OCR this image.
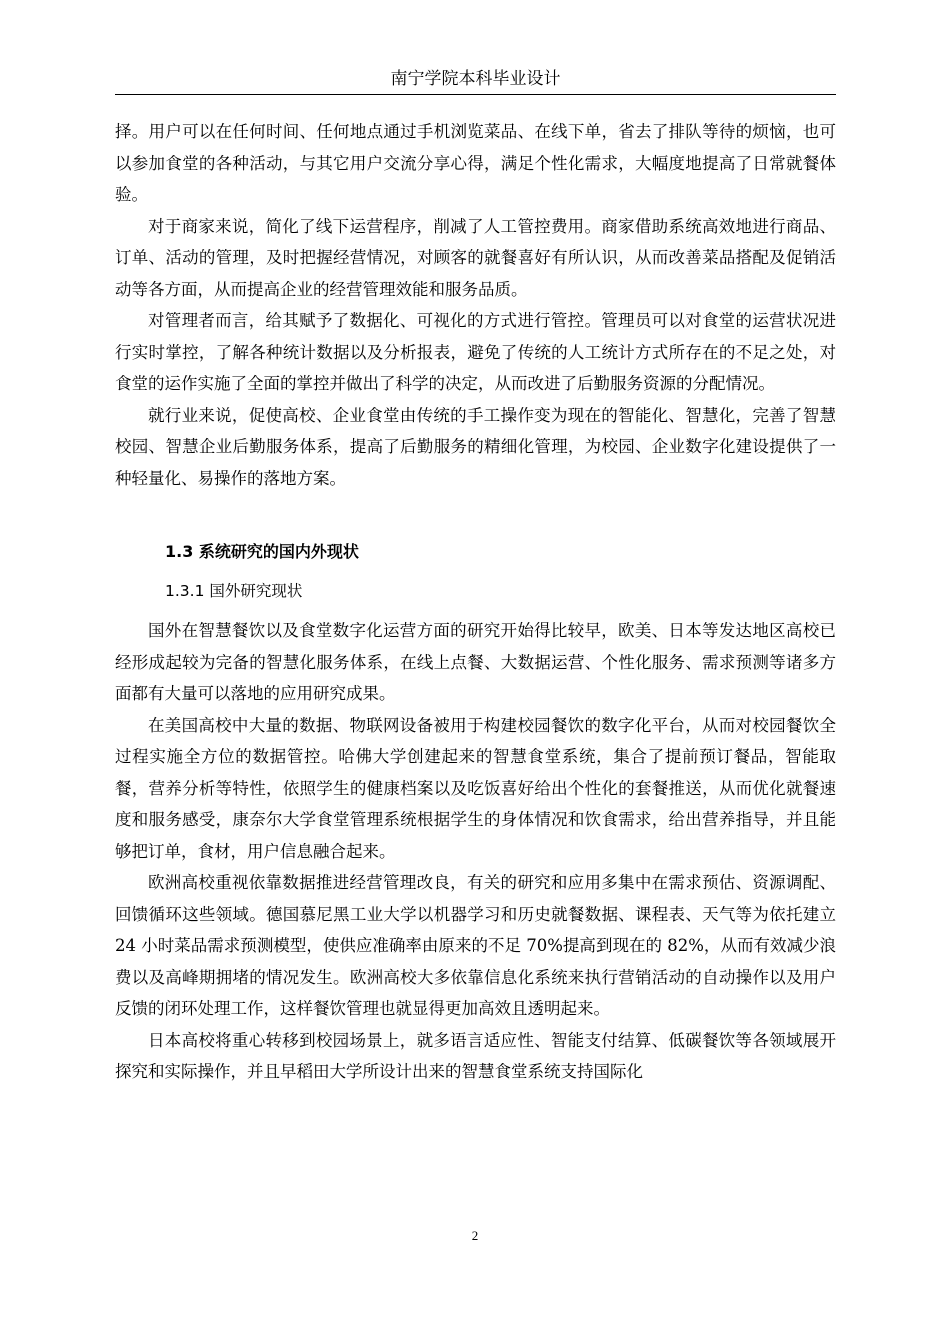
南宁学院本科毕业设计

择。用户可以在任何时间、任何地点通过手机浏览菜品、在线下单，省去了排队等待的烦恼，也可以参加食堂的各种活动，与其它用户交流分享心得，满足个性化需求，大幅度地提高了日常就餐体验。

对于商家来说，简化了线下运营程序，削减了人工管控费用。商家借助系统高效地进行商品、订单、活动的管理，及时把握经营情况，对顾客的就餐喜好有所认识，从而改善菜品搭配及促销活动等各方面，从而提高企业的经营管理效能和服务品质。

对管理者而言，给其赋予了数据化、可视化的方式进行管控。管理员可以对食堂的运营状况进行实时掌控，了解各种统计数据以及分析报表，避免了传统的人工统计方式所存在的不足之处，对食堂的运作实施了全面的掌控并做出了科学的决定，从而改进了后勤服务资源的分配情况。

就行业来说，促使高校、企业食堂由传统的手工操作变为现在的智能化、智慧化，完善了智慧校园、智慧企业后勤服务体系，提高了后勤服务的精细化管理，为校园、企业数字化建设提供了一种轻量化、易操作的落地方案。

1.3 系统研究的国内外现状

1.3.1 国外研究现状

国外在智慧餐饮以及食堂数字化运营方面的研究开始得比较早，欧美、日本等发达地区高校已经形成起较为完备的智慧化服务体系，在线上点餐、大数据运营、个性化服务、需求预测等诸多方面都有大量可以落地的应用研究成果。

在美国高校中大量的数据、物联网设备被用于构建校园餐饮的数字化平台，从而对校园餐饮全过程实施全方位的数据管控。哈佛大学创建起来的智慧食堂系统，集合了提前预订餐品，智能取餐，营养分析等特性，依照学生的健康档案以及吃饭喜好给出个性化的套餐推送，从而优化就餐速度和服务感受，康奈尔大学食堂管理系统根据学生的身体情况和饮食需求，给出营养指导，并且能够把订单，食材，用户信息融合起来。

欧洲高校重视依靠数据推进经营管理改良，有关的研究和应用多集中在需求预估、资源调配、回馈循环这些领域。德国慕尼黑工业大学以机器学习和历史就餐数据、课程表、天气等为依托建立 24 小时菜品需求预测模型，使供应准确率由原来的不足 70%提高到现在的 82%，从而有效减少浪费以及高峰期拥堵的情况发生。欧洲高校大多依靠信息化系统来执行营销活动的自动操作以及用户反馈的闭环处理工作，这样餐饮管理也就显得更加高效且透明起来。

日本高校将重心转移到校园场景上，就多语言适应性、智能支付结算、低碳餐饮等各领域展开探究和实际操作，并且早稻田大学所设计出来的智慧食堂系统支持国际化

2
